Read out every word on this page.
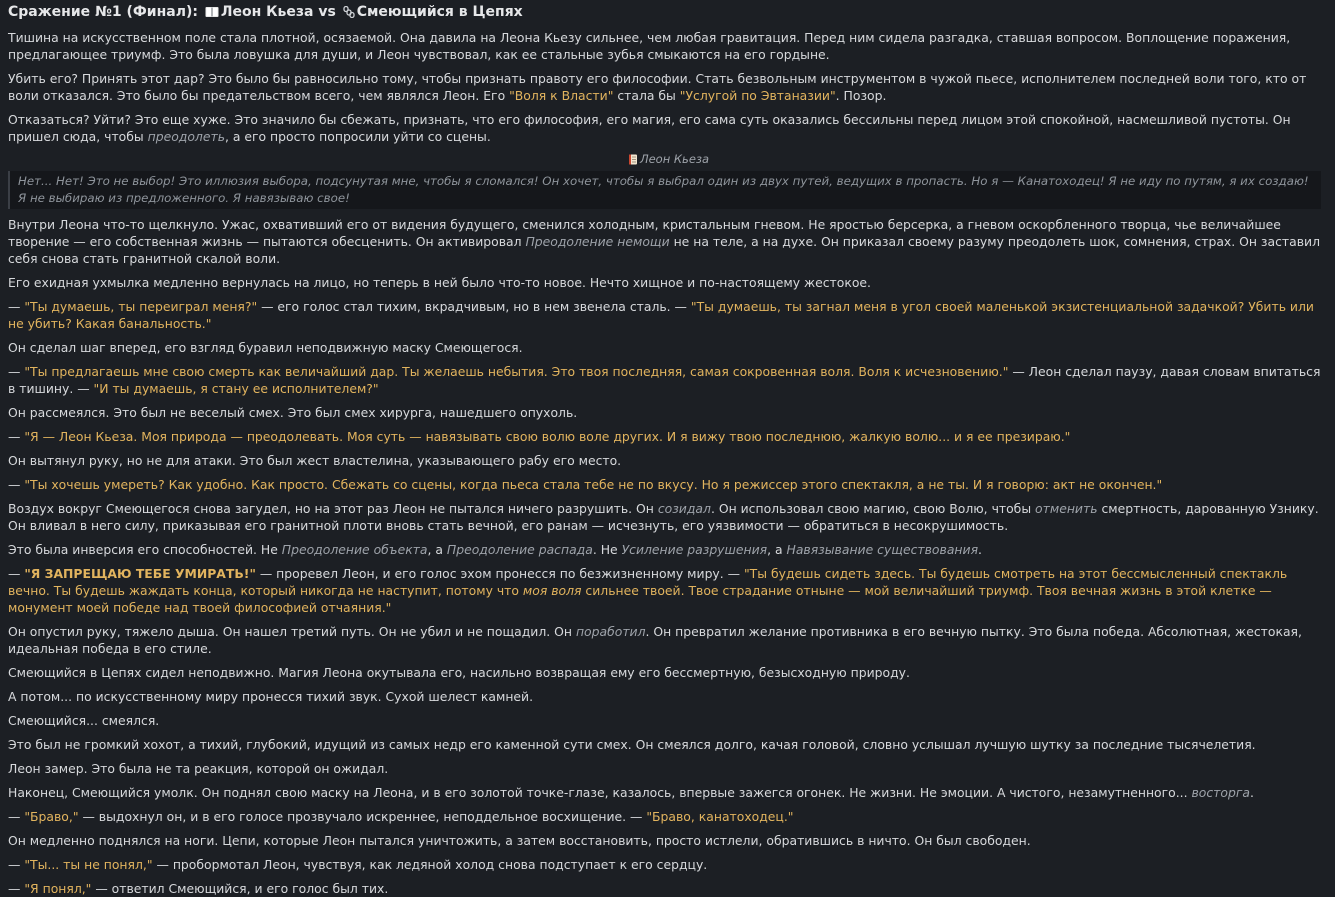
Сражение №1 (Финал): Леон Кьеза vs Смеющийся в Цепях

Тишина на искусственном поле стала плотной, осязаемой. Она давила на Леона Кьезу сильнее, чем любая гравитация. Перед ним сидела разгадка, ставшая вопросом. Воплощение поражения, предлагающее триумф. Это была ловушка для души, и Леон чувствовал, как ее стальные зубья смыкаются на его гордыне.

Убить его? Принять этот дар? Это было бы равносильно тому, чтобы признать правоту его философии. Стать безвольным инструментом в чужой пьесе, исполнителем последней воли того, кто от воли отказался. Это было бы предательством всего, чем являлся Леон. Его "Воля к Власти" стала бы "Услугой по Эвтаназии". Позор.

Отказаться? Уйти? Это еще хуже. Это значило бы сбежать, признать, что его философия, его магия, его сама суть оказались бессильны перед лицом этой спокойной, насмешливой пустоты. Он пришел сюда, чтобы преодолеть, а его просто попросили уйти со сцены.

Леон Кьеза
Нет... Нет! Это не выбор! Это иллюзия выбора, подсунутая мне, чтобы я сломался! Он хочет, чтобы я выбрал один из двух путей, ведущих в пропасть. Но я — Канатоходец! Я не иду по путям, я их создаю! Я не выбираю из предложенного. Я навязываю свое!

Внутри Леона что-то щелкнуло. Ужас, охвативший его от видения будущего, сменился холодным, кристальным гневом. Не яростью берсерка, а гневом оскорбленного творца, чье величайшее творение — его собственная жизнь — пытаются обесценить. Он активировал Преодоление немощи не на теле, а на духе. Он приказал своему разуму преодолеть шок, сомнения, страх. Он заставил себя снова стать гранитной скалой воли.

Его ехидная ухмылка медленно вернулась на лицо, но теперь в ней было что-то новое. Нечто хищное и по-настоящему жестокое.

— "Ты думаешь, ты переиграл меня?" — его голос стал тихим, вкрадчивым, но в нем звенела сталь. — "Ты думаешь, ты загнал меня в угол своей маленькой экзистенциальной задачкой? Убить или не убить? Какая банальность."

Он сделал шаг вперед, его взгляд буравил неподвижную маску Смеющегося.

— "Ты предлагаешь мне свою смерть как величайший дар. Ты желаешь небытия. Это твоя последняя, самая сокровенная воля. Воля к исчезновению." — Леон сделал паузу, давая словам впитаться в тишину. — "И ты думаешь, я стану ее исполнителем?"

Он рассмеялся. Это был не веселый смех. Это был смех хирурга, нашедшего опухоль.

— "Я — Леон Кьеза. Моя природа — преодолевать. Моя суть — навязывать свою волю воле других. И я вижу твою последнюю, жалкую волю... и я ее презираю."

Он вытянул руку, но не для атаки. Это был жест властелина, указывающего рабу его место.

— "Ты хочешь умереть? Как удобно. Как просто. Сбежать со сцены, когда пьеса стала тебе не по вкусу. Но я режиссер этого спектакля, а не ты. И я говорю: акт не окончен."

Воздух вокруг Смеющегося снова загудел, но на этот раз Леон не пытался ничего разрушить. Он созидал. Он использовал свою магию, свою Волю, чтобы отменить смертность, дарованную Узнику. Он вливал в него силу, приказывая его гранитной плоти вновь стать вечной, его ранам — исчезнуть, его уязвимости — обратиться в несокрушимость.

Это была инверсия его способностей. Не Преодоление объекта, а Преодоление распада. Не Усиление разрушения, а Навязывание существования.

— "Я ЗАПРЕЩАЮ ТЕБЕ УМИРАТЬ!" — проревел Леон, и его голос эхом пронесся по безжизненному миру. — "Ты будешь сидеть здесь. Ты будешь смотреть на этот бессмысленный спектакль вечно. Ты будешь жаждать конца, который никогда не наступит, потому что моя воля сильнее твоей. Твое страдание отныне — мой величайший триумф. Твоя вечная жизнь в этой клетке — монумент моей победе над твоей философией отчаяния."

Он опустил руку, тяжело дыша. Он нашел третий путь. Он не убил и не пощадил. Он поработил. Он превратил желание противника в его вечную пытку. Это была победа. Абсолютная, жестокая, идеальная победа в его стиле.

Смеющийся в Цепях сидел неподвижно. Магия Леона окутывала его, насильно возвращая ему его бессмертную, безысходную природу.

А потом... по искусственному миру пронесся тихий звук. Сухой шелест камней.

Смеющийся... смеялся.

Это был не громкий хохот, а тихий, глубокий, идущий из самых недр его каменной сути смех. Он смеялся долго, качая головой, словно услышал лучшую шутку за последние тысячелетия.

Леон замер. Это была не та реакция, которой он ожидал.

Наконец, Смеющийся умолк. Он поднял свою маску на Леона, и в его золотой точке-глазе, казалось, впервые зажегся огонек. Не жизни. Не эмоции. А чистого, незамутненного... восторга.

— "Браво," — выдохнул он, и в его голосе прозвучало искреннее, неподдельное восхищение. — "Браво, канатоходец."

Он медленно поднялся на ноги. Цепи, которые Леон пытался уничтожить, а затем восстановить, просто истлели, обратившись в ничто. Он был свободен.

— "Ты... ты не понял," — пробормотал Леон, чувствуя, как ледяной холод снова подступает к его сердцу.

— "Я понял," — ответил Смеющийся, и его голос был тих.
